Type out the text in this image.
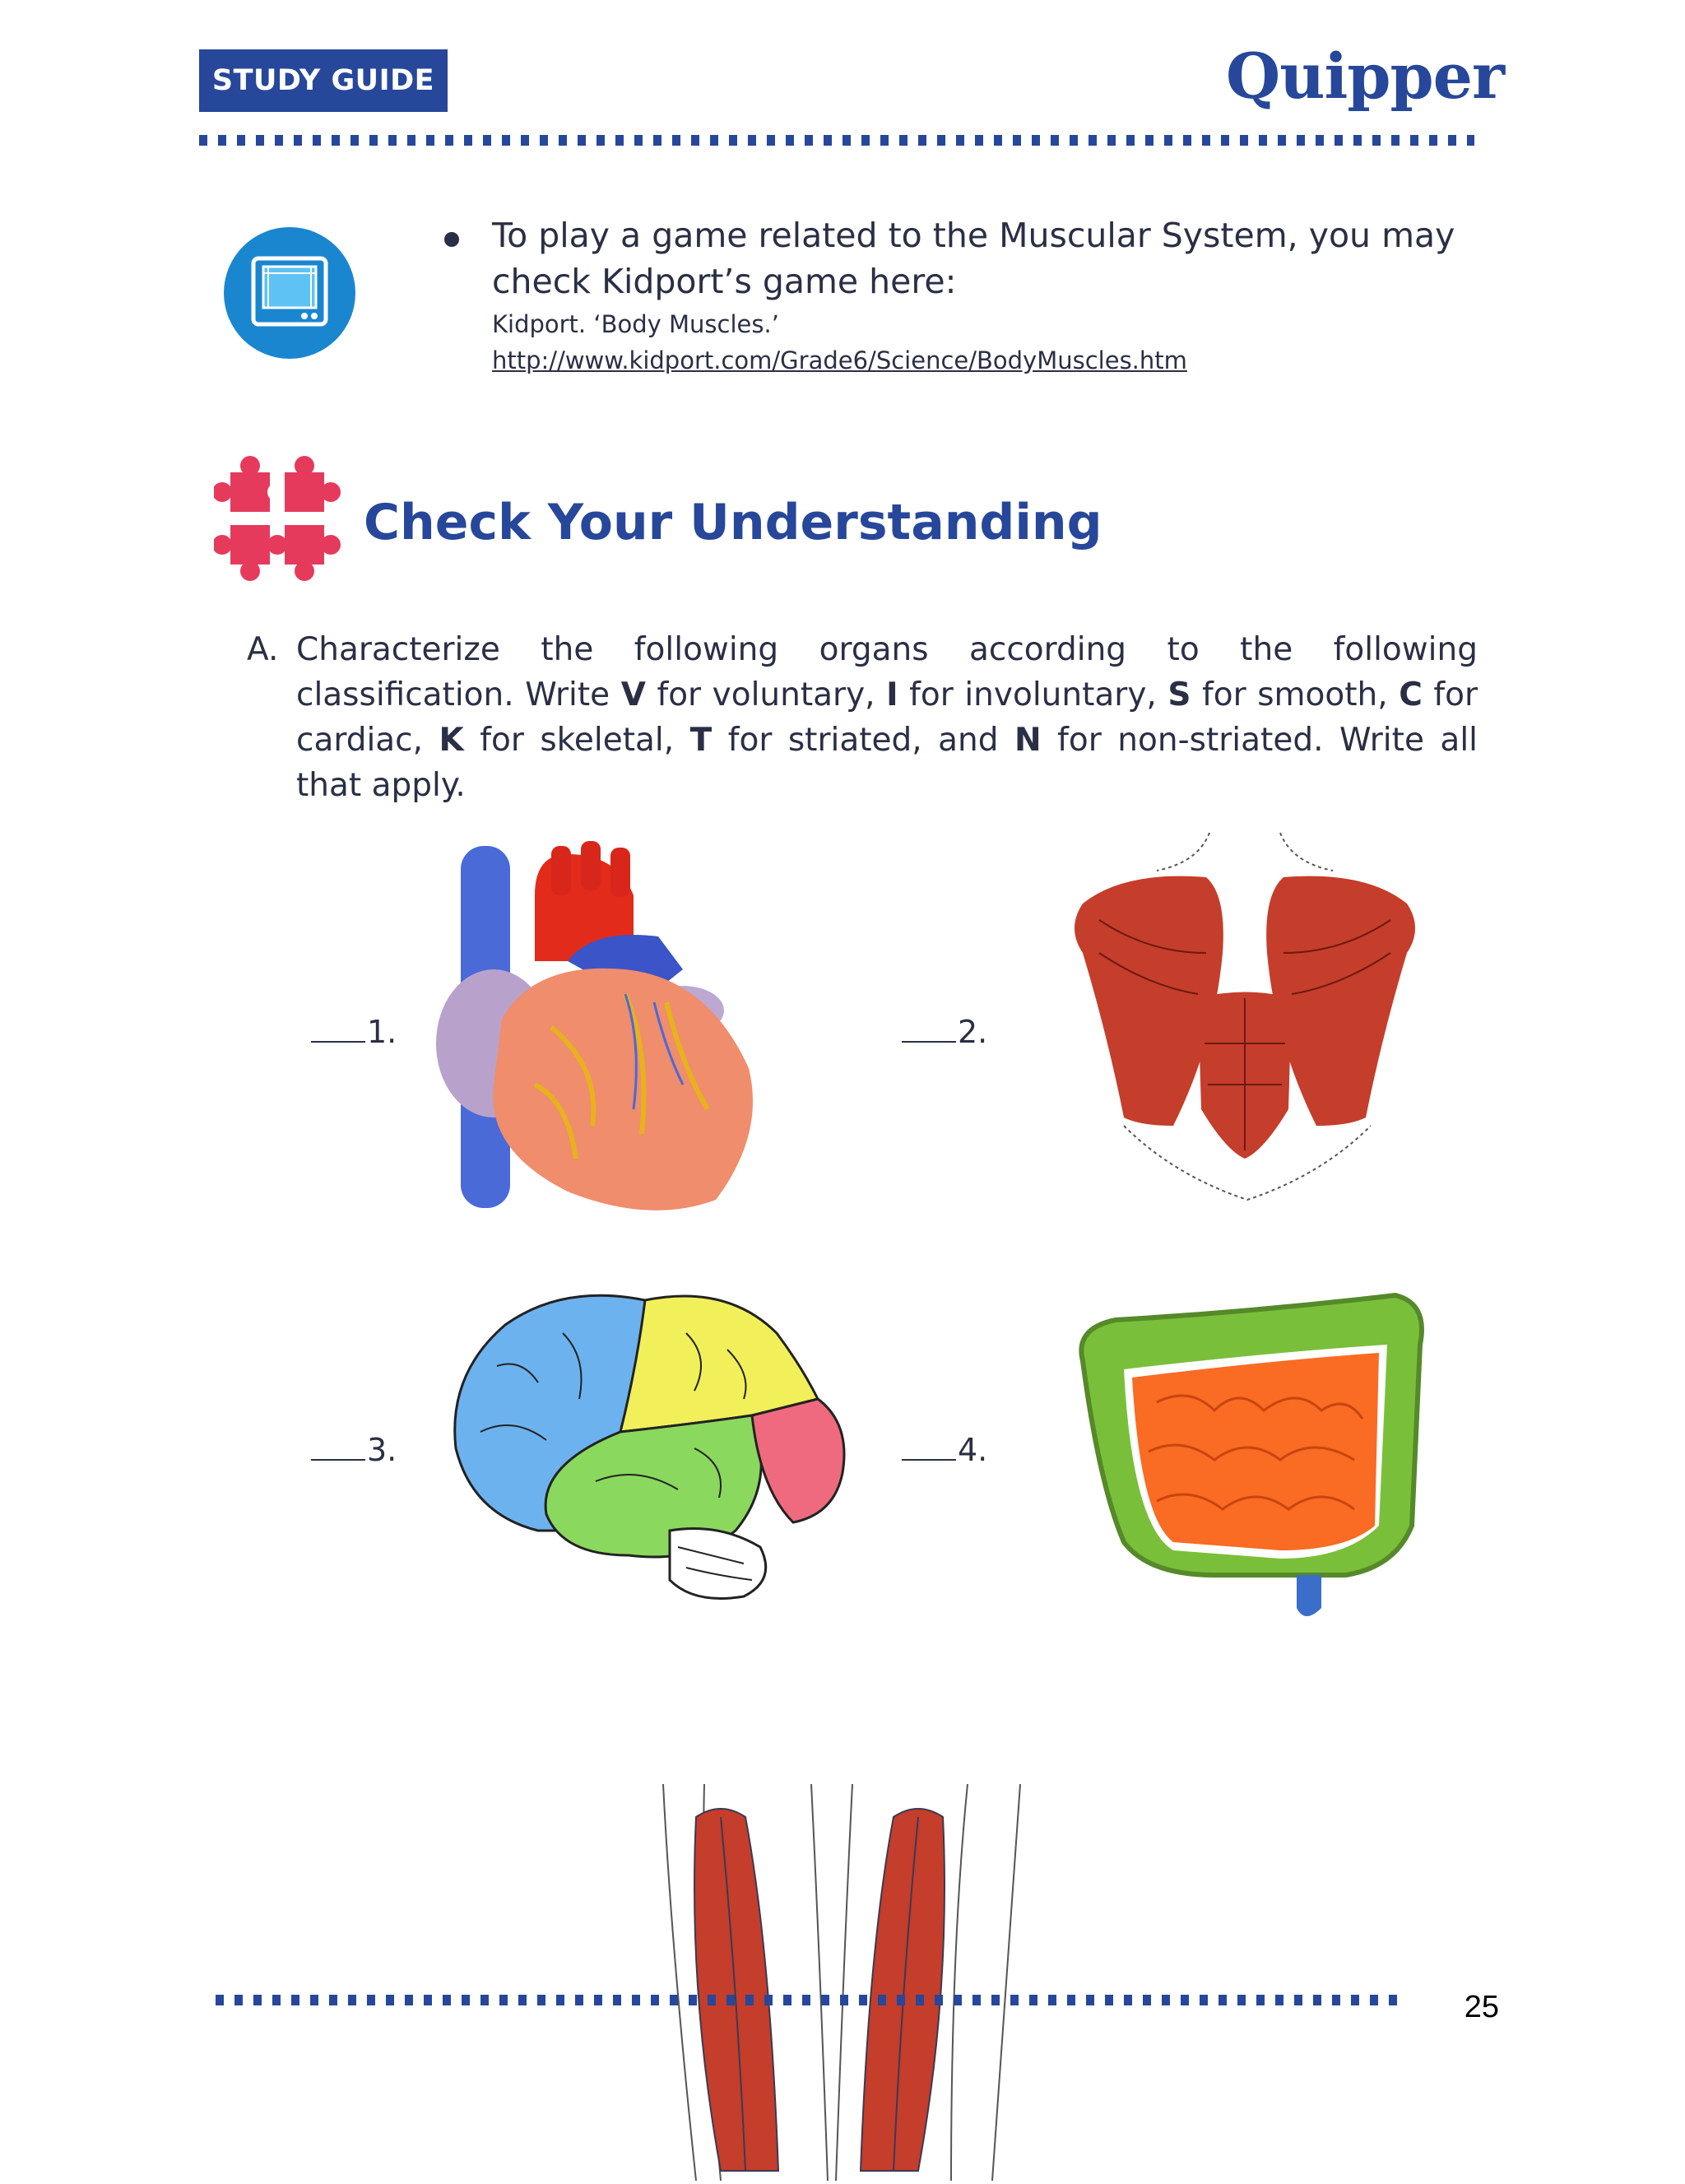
STUDY GUIDE	Quipper
To play a game related to the Muscular System, you may check Kidport’s game here:
Kidport. ‘Body Muscles.’
http://www.kidport.com/Grade6/Science/BodyMuscles.htm
Check Your Understanding
A. Characterize the following organs according to the following classification. Write V for voluntary, I for involuntary, S for smooth, C for cardiac, K for skeletal, T for striated, and N for non-striated. Write all that apply.
1.	2.
3.	4.
25
